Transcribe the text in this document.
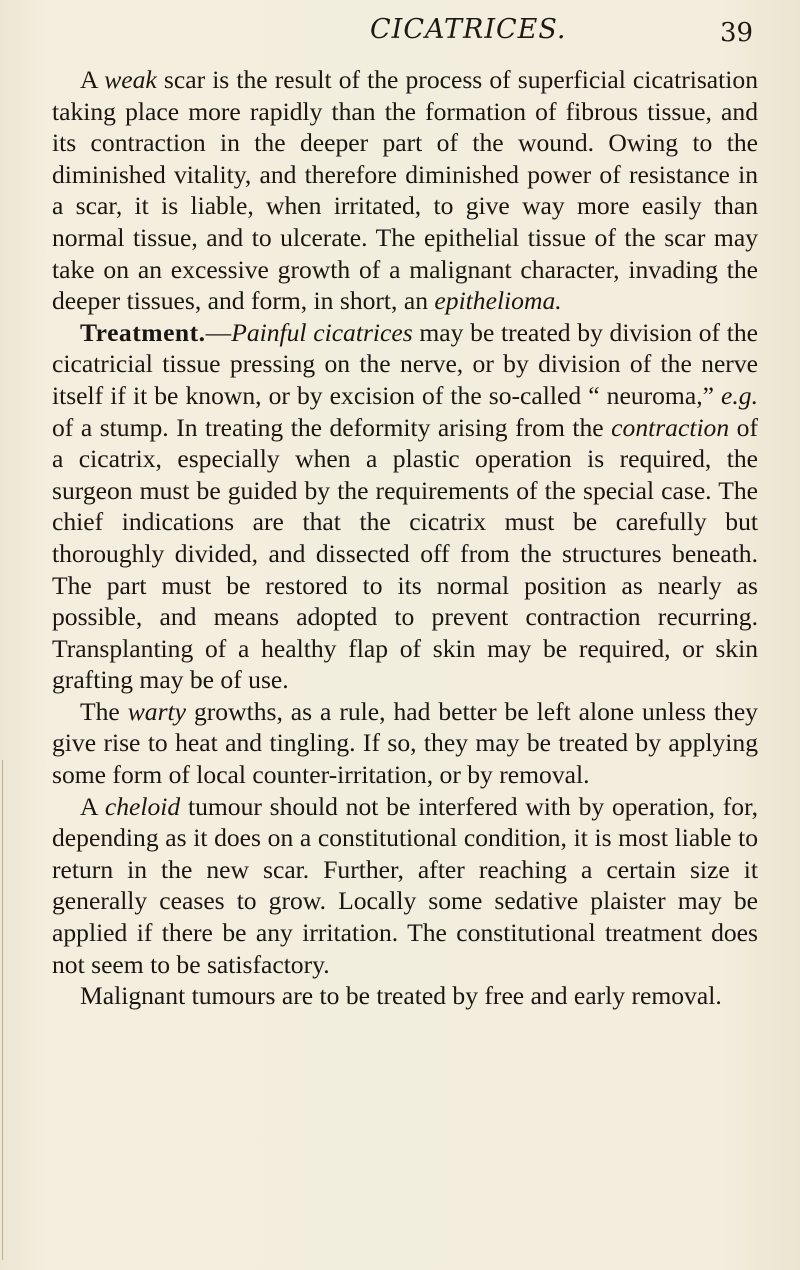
CICATRICES.	39

A weak scar is the result of the process of superficial cicatrisation taking place more rapidly than the formation of fibrous tissue, and its contraction in the deeper part of the wound. Owing to the diminished vitality, and therefore diminished power of resistance in a scar, it is liable, when irritated, to give way more easily than normal tissue, and to ulcerate. The epithelial tissue of the scar may take on an excessive growth of a malignant character, invading the deeper tissues, and form, in short, an epithelioma.

Treatment.—Painful cicatrices may be treated by division of the cicatricial tissue pressing on the nerve, or by division of the nerve itself if it be known, or by excision of the so-called “ neuroma,” e.g. of a stump. In treating the deformity arising from the contraction of a cicatrix, especially when a plastic operation is required, the surgeon must be guided by the requirements of the special case. The chief indications are that the cicatrix must be carefully but thoroughly divided, and dissected off from the structures beneath. The part must be restored to its normal position as nearly as possible, and means adopted to prevent contraction recurring. Transplanting of a healthy flap of skin may be required, or skin grafting may be of use.

The warty growths, as a rule, had better be left alone unless they give rise to heat and tingling. If so, they may be treated by applying some form of local counter-irritation, or by removal.

A cheloid tumour should not be interfered with by operation, for, depending as it does on a constitutional condition, it is most liable to return in the new scar. Further, after reaching a certain size it generally ceases to grow. Locally some sedative plaister may be applied if there be any irritation. The constitutional treatment does not seem to be satisfactory.

Malignant tumours are to be treated by free and early removal.
